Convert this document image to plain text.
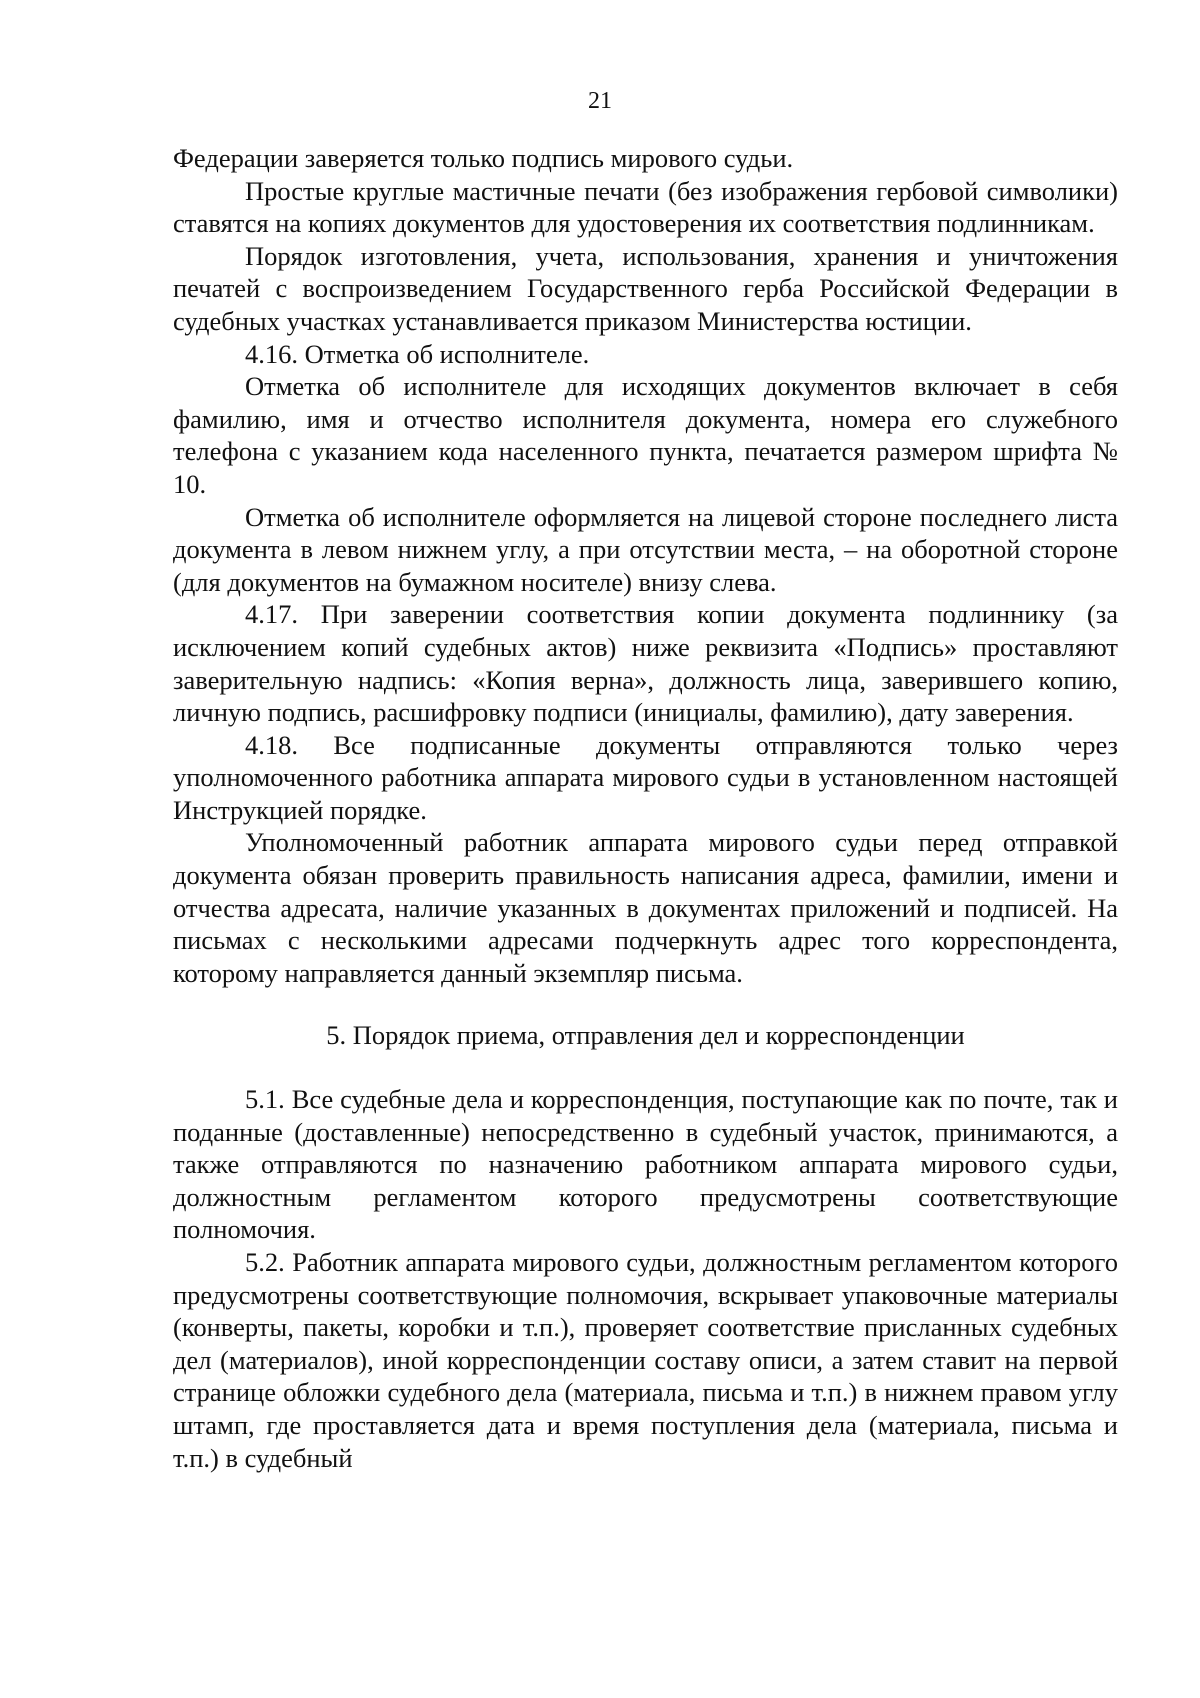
21

Федерации заверяется только подпись мирового судьи.

Простые круглые мастичные печати (без изображения гербовой символики) ставятся на копиях документов для удостоверения их соответствия подлинникам.

Порядок изготовления, учета, использования, хранения и уничтожения печатей с воспроизведением Государственного герба Российской Федерации в судебных участках устанавливается приказом Министерства юстиции.

4.16. Отметка об исполнителе.

Отметка об исполнителе для исходящих документов включает в себя фамилию, имя и отчество исполнителя документа, номера его служебного телефона с указанием кода населенного пункта, печатается размером шрифта № 10.

Отметка об исполнителе оформляется на лицевой стороне последнего листа документа в левом нижнем углу, а при отсутствии места, – на оборотной стороне (для документов на бумажном носителе) внизу слева.

4.17. При заверении соответствия копии документа подлиннику (за исключением копий судебных актов) ниже реквизита «Подпись» проставляют заверительную надпись: «Копия верна», должность лица, заверившего копию, личную подпись, расшифровку подписи (инициалы, фамилию), дату заверения.

4.18. Все подписанные документы отправляются только через уполномоченного работника аппарата мирового судьи в установленном настоящей Инструкцией порядке.

Уполномоченный работник аппарата мирового судьи перед отправкой документа обязан проверить правильность написания адреса, фамилии, имени и отчества адресата, наличие указанных в документах приложений и подписей. На письмах с несколькими адресами подчеркнуть адрес того корреспондента, которому направляется данный экземпляр письма.

5. Порядок приема, отправления дел и корреспонденции

5.1. Все судебные дела и корреспонденция, поступающие как по почте, так и поданные (доставленные) непосредственно в судебный участок, принимаются, а также отправляются по назначению работником аппарата мирового судьи, должностным регламентом которого предусмотрены соответствующие полномочия.

5.2. Работник аппарата мирового судьи, должностным регламентом которого предусмотрены соответствующие полномочия, вскрывает упаковочные материалы (конверты, пакеты, коробки и т.п.), проверяет соответствие присланных судебных дел (материалов), иной корреспонденции составу описи, а затем ставит на первой странице обложки судебного дела (материала, письма и т.п.) в нижнем правом углу штамп, где проставляется дата и время поступления дела (материала, письма и т.п.) в судебный
